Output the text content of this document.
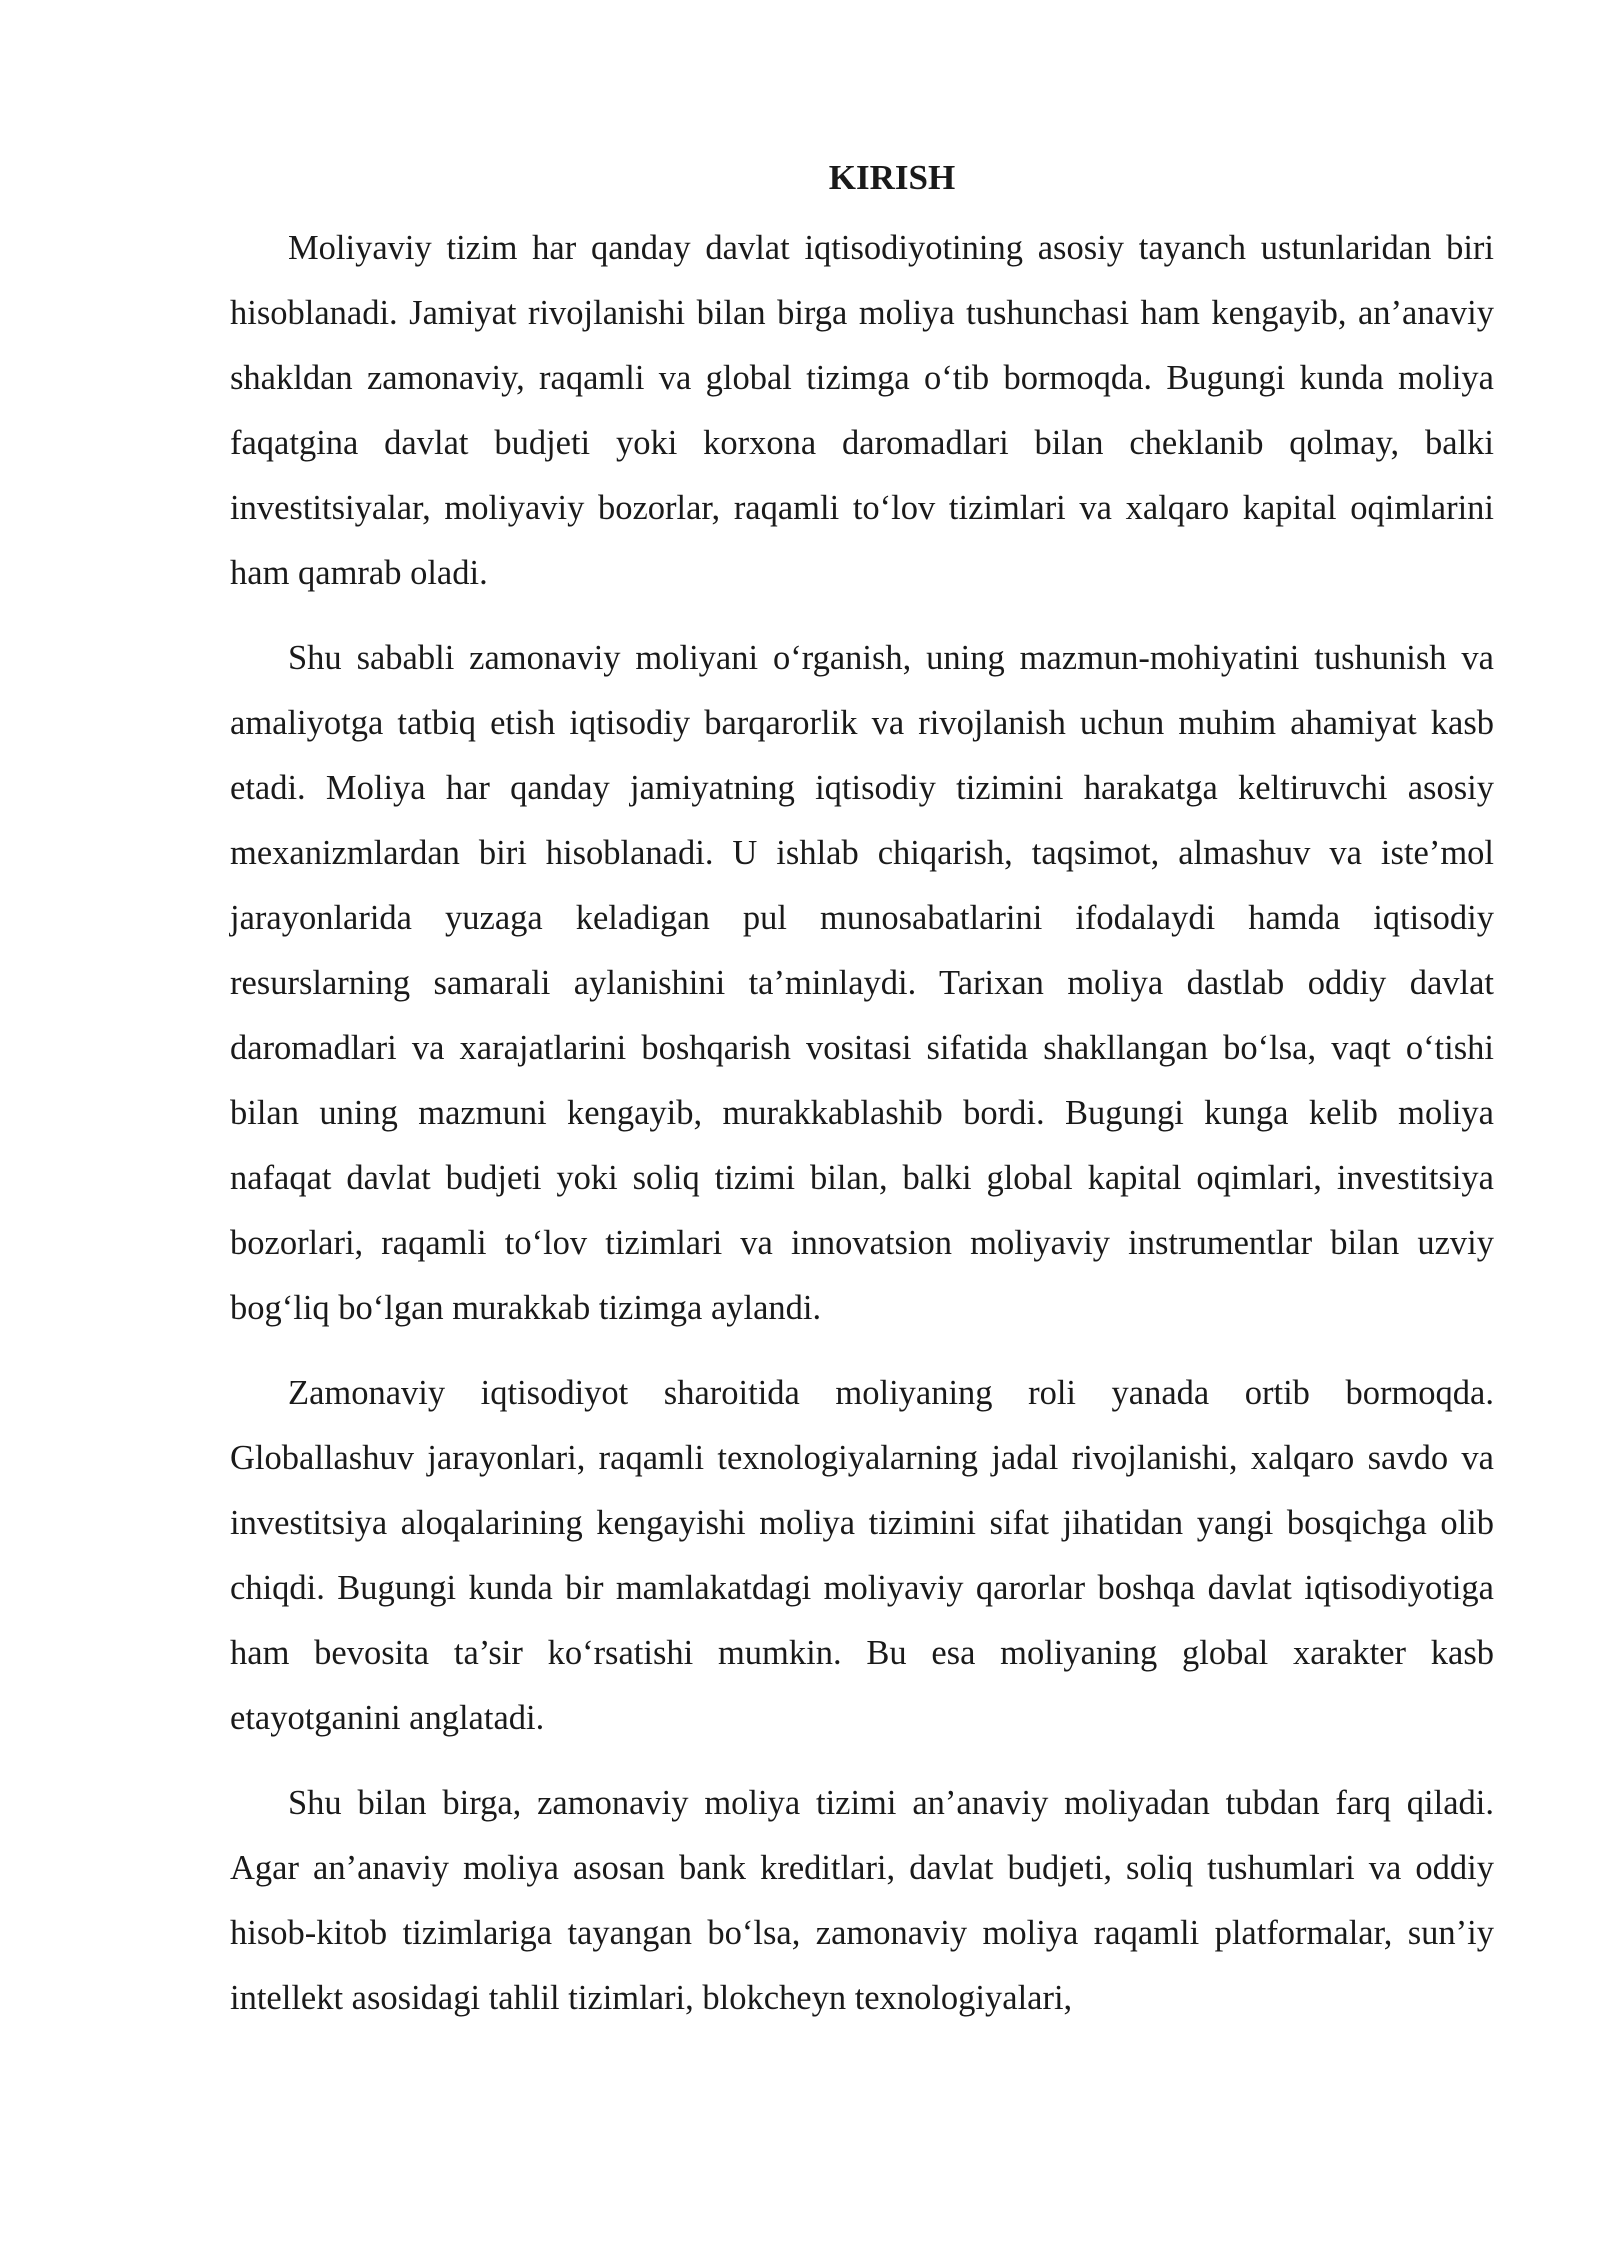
KIRISH

Moliyaviy tizim har qanday davlat iqtisodiyotining asosiy tayanch ustunlaridan biri hisoblanadi. Jamiyat rivojlanishi bilan birga moliya tushunchasi ham kengayib, an’anaviy shakldan zamonaviy, raqamli va global tizimga o‘tib bormoqda. Bugungi kunda moliya faqatgina davlat budjeti yoki korxona daromadlari bilan cheklanib qolmay, balki investitsiyalar, moliyaviy bozorlar, raqamli to‘lov tizimlari va xalqaro kapital oqimlarini ham qamrab oladi.

Shu sababli zamonaviy moliyani o‘rganish, uning mazmun-mohiyatini tushunish va amaliyotga tatbiq etish iqtisodiy barqarorlik va rivojlanish uchun muhim ahamiyat kasb etadi. Moliya har qanday jamiyatning iqtisodiy tizimini harakatga keltiruvchi asosiy mexanizmlardan biri hisoblanadi. U ishlab chiqarish, taqsimot, almashuv va iste’mol jarayonlarida yuzaga keladigan pul munosabatlarini ifodalaydi hamda iqtisodiy resurslarning samarali aylanishini ta’minlaydi. Tarixan moliya dastlab oddiy davlat daromadlari va xarajatlarini boshqarish vositasi sifatida shakllangan bo‘lsa, vaqt o‘tishi bilan uning mazmuni kengayib, murakkablashib bordi. Bugungi kunga kelib moliya nafaqat davlat budjeti yoki soliq tizimi bilan, balki global kapital oqimlari, investitsiya bozorlari, raqamli to‘lov tizimlari va innovatsion moliyaviy instrumentlar bilan uzviy bog‘liq bo‘lgan murakkab tizimga aylandi.

Zamonaviy iqtisodiyot sharoitida moliyaning roli yanada ortib bormoqda. Globallashuv jarayonlari, raqamli texnologiyalarning jadal rivojlanishi, xalqaro savdo va investitsiya aloqalarining kengayishi moliya tizimini sifat jihatidan yangi bosqichga olib chiqdi. Bugungi kunda bir mamlakatdagi moliyaviy qarorlar boshqa davlat iqtisodiyotiga ham bevosita ta’sir ko‘rsatishi mumkin. Bu esa moliyaning global xarakter kasb etayotganini anglatadi.

Shu bilan birga, zamonaviy moliya tizimi an’anaviy moliyadan tubdan farq qiladi. Agar an’anaviy moliya asosan bank kreditlari, davlat budjeti, soliq tushumlari va oddiy hisob-kitob tizimlariga tayangan bo‘lsa, zamonaviy moliya raqamli platformalar, sun’iy intellekt asosidagi tahlil tizimlari, blokcheyn texnologiyalari,
